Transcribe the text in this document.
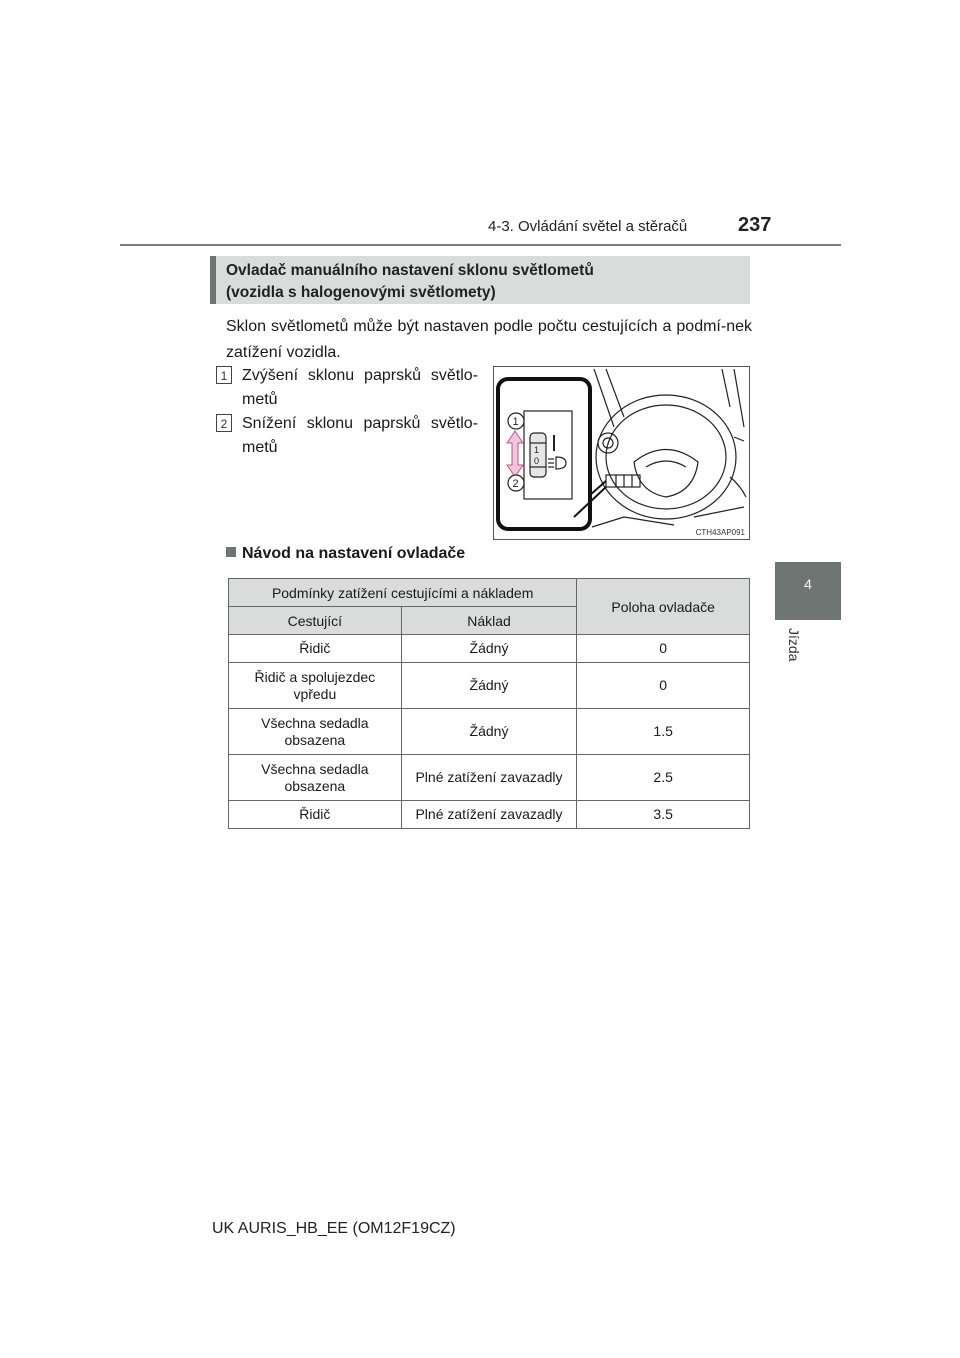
4-3. Ovládání světel a stěračů	237
4
Jízda
Ovladač manuálního nastavení sklonu světlometů
(vozidla s halogenovými světlomety)
Sklon světlometů může být nastaven podle počtu cestujících a podmí-nek zatížení vozidla.
1 Zvýšení sklonu paprsků světlo-metů
2 Snížení sklonu paprsků světlo-metů	1
0
1
2
CTH43AP091
Návod na nastavení ovladače
Podmínky zatížení cestujícími a nákladem		Poloha ovladače
Cestující	Náklad	
Řidič	Žádný	0
Řidič a spolujezdec vpředu	Žádný	0
Všechna sedadla obsazena	Žádný	1.5
Všechna sedadla obsazena	Plné zatížení zavazadly	2.5
Řidič	Plné zatížení zavazadly	3.5
UK AURIS_HB_EE (OM12F19CZ)
